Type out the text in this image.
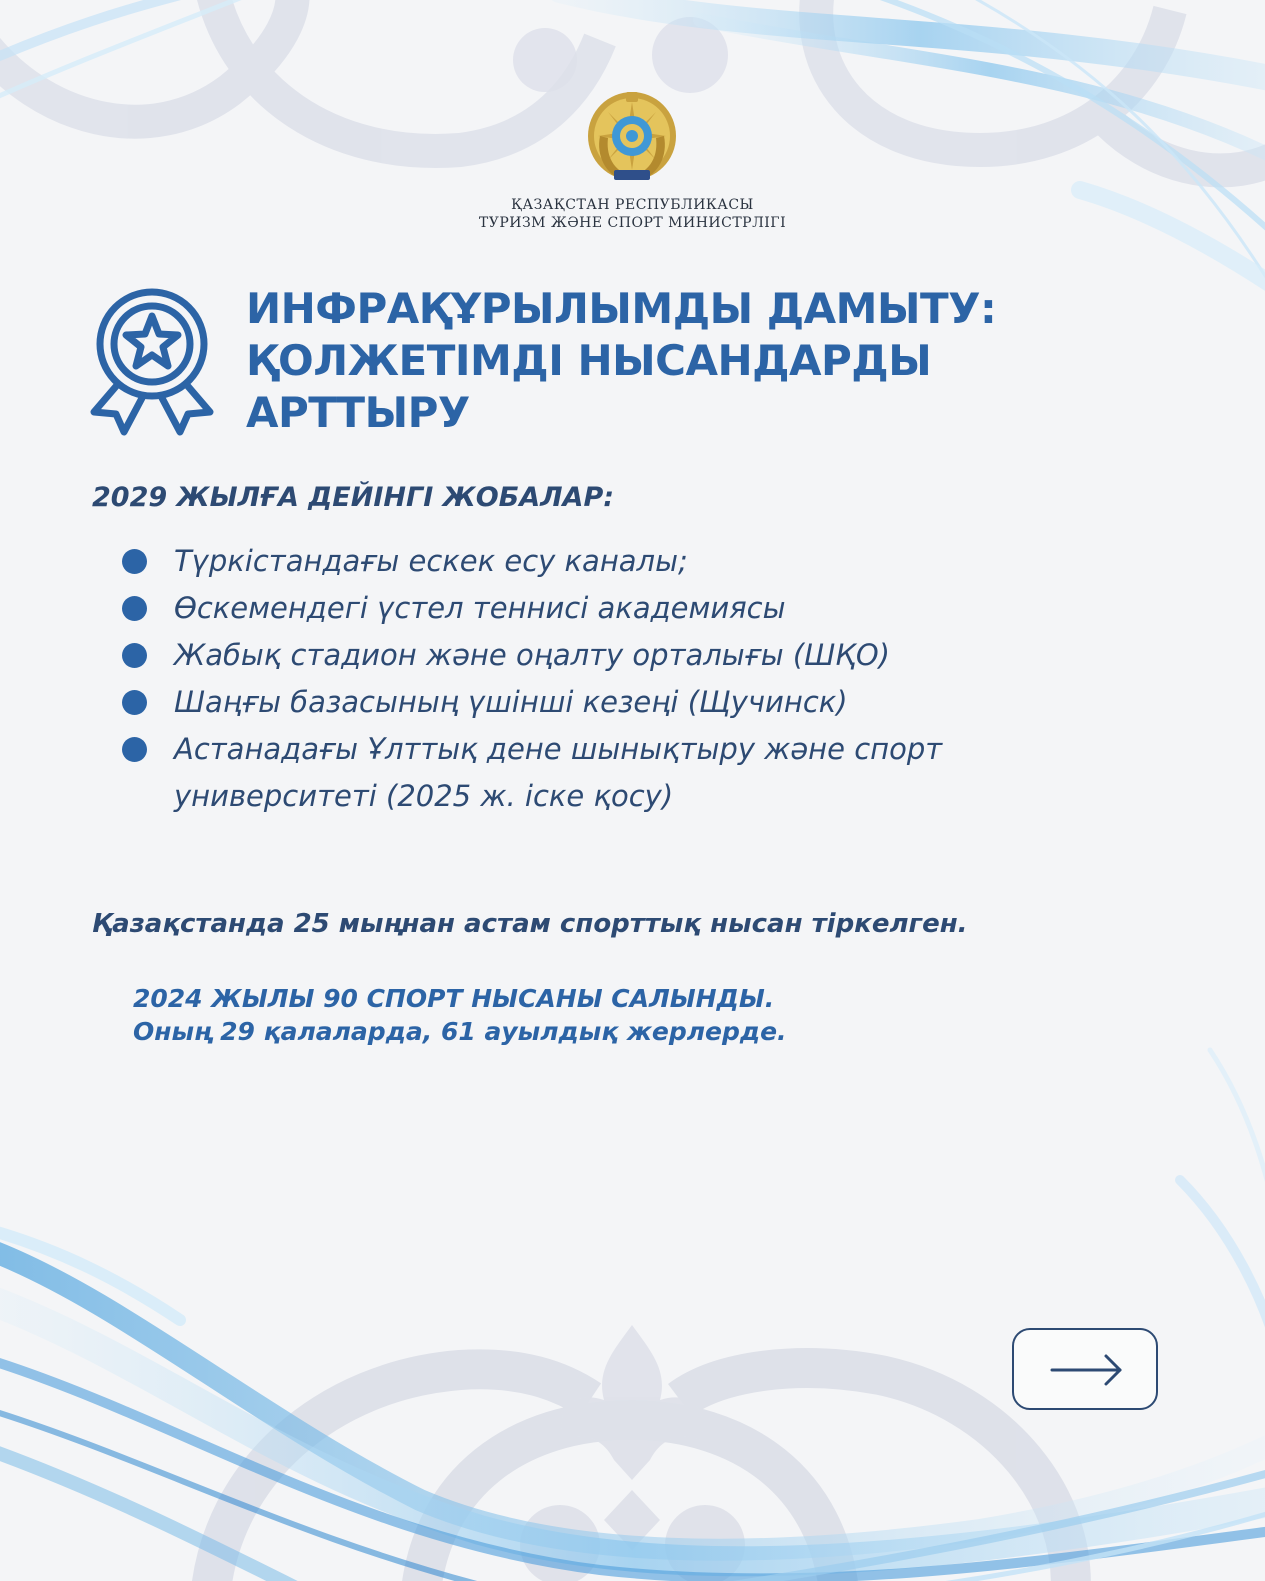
ҚАЗАҚСТАН РЕСПУБЛИКАСЫ
ТУРИЗМ ЖӘНЕ СПОРТ МИНИСТРЛІГІ
ИНФРАҚҰРЫЛЫМДЫ ДАМЫТУ:
ҚОЛЖЕТІМДІ НЫСАНДАРДЫ
АРТТЫРУ
2029 ЖЫЛҒА ДЕЙІНГІ ЖОБАЛАР:
Түркістандағы ескек есу каналы;
Өскемендегі үстел теннисі академиясы
Жабық стадион және оңалту орталығы (ШҚО)
Шаңғы базасының үшінші кезеңі (Щучинск)
Астанадағы Ұлттық дене шынықтыру және спорт университеті (2025 ж. іске қосу)

Қазақстанда 25 мыңнан астам спорттық нысан тіркелген.

2024 ЖЫЛЫ 90 СПОРТ НЫСАНЫ САЛЫНДЫ.
Оның 29 қалаларда, 61 ауылдық жерлерде.
